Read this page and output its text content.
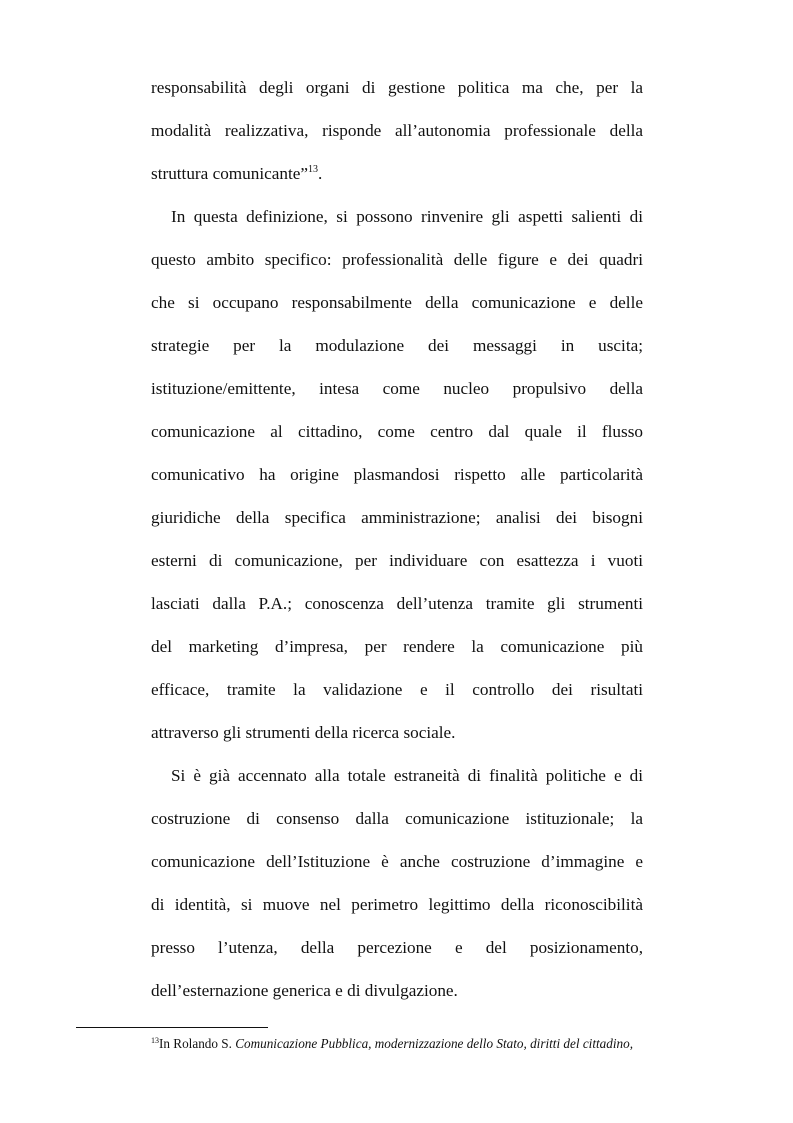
responsabilità degli organi di gestione politica ma che, per la
modalità realizzativa, risponde all’autonomia professionale della
struttura comunicante”$^{13}$.

In questa definizione, si possono rinvenire gli aspetti salienti di
questo ambito specifico: professionalità delle figure e dei quadri
che si occupano responsabilmente della comunicazione e delle
strategie per la modulazione dei messaggi in uscita;
istituzione/emittente, intesa come nucleo propulsivo della
comunicazione al cittadino, come centro dal quale il flusso
comunicativo ha origine plasmandosi rispetto alle particolarità
giuridiche della specifica amministrazione; analisi dei bisogni
esterni di comunicazione, per individuare con esattezza i vuoti
lasciati dalla P.A.; conoscenza dell’utenza tramite gli strumenti
del marketing d’impresa, per rendere la comunicazione più
efficace, tramite la validazione e il controllo dei risultati
attraverso gli strumenti della ricerca sociale.

Si è già accennato alla totale estraneità di finalità politiche e di
costruzione di consenso dalla comunicazione istituzionale; la
comunicazione dell’Istituzione è anche costruzione d’immagine e
di identità, si muove nel perimetro legittimo della riconoscibilità
presso l’utenza, della percezione e del posizionamento,
dell’esternazione generica e di divulgazione.

$^{13}$In Rolando S. Comunicazione Pubblica, modernizzazione dello Stato, diritti del cittadino,
